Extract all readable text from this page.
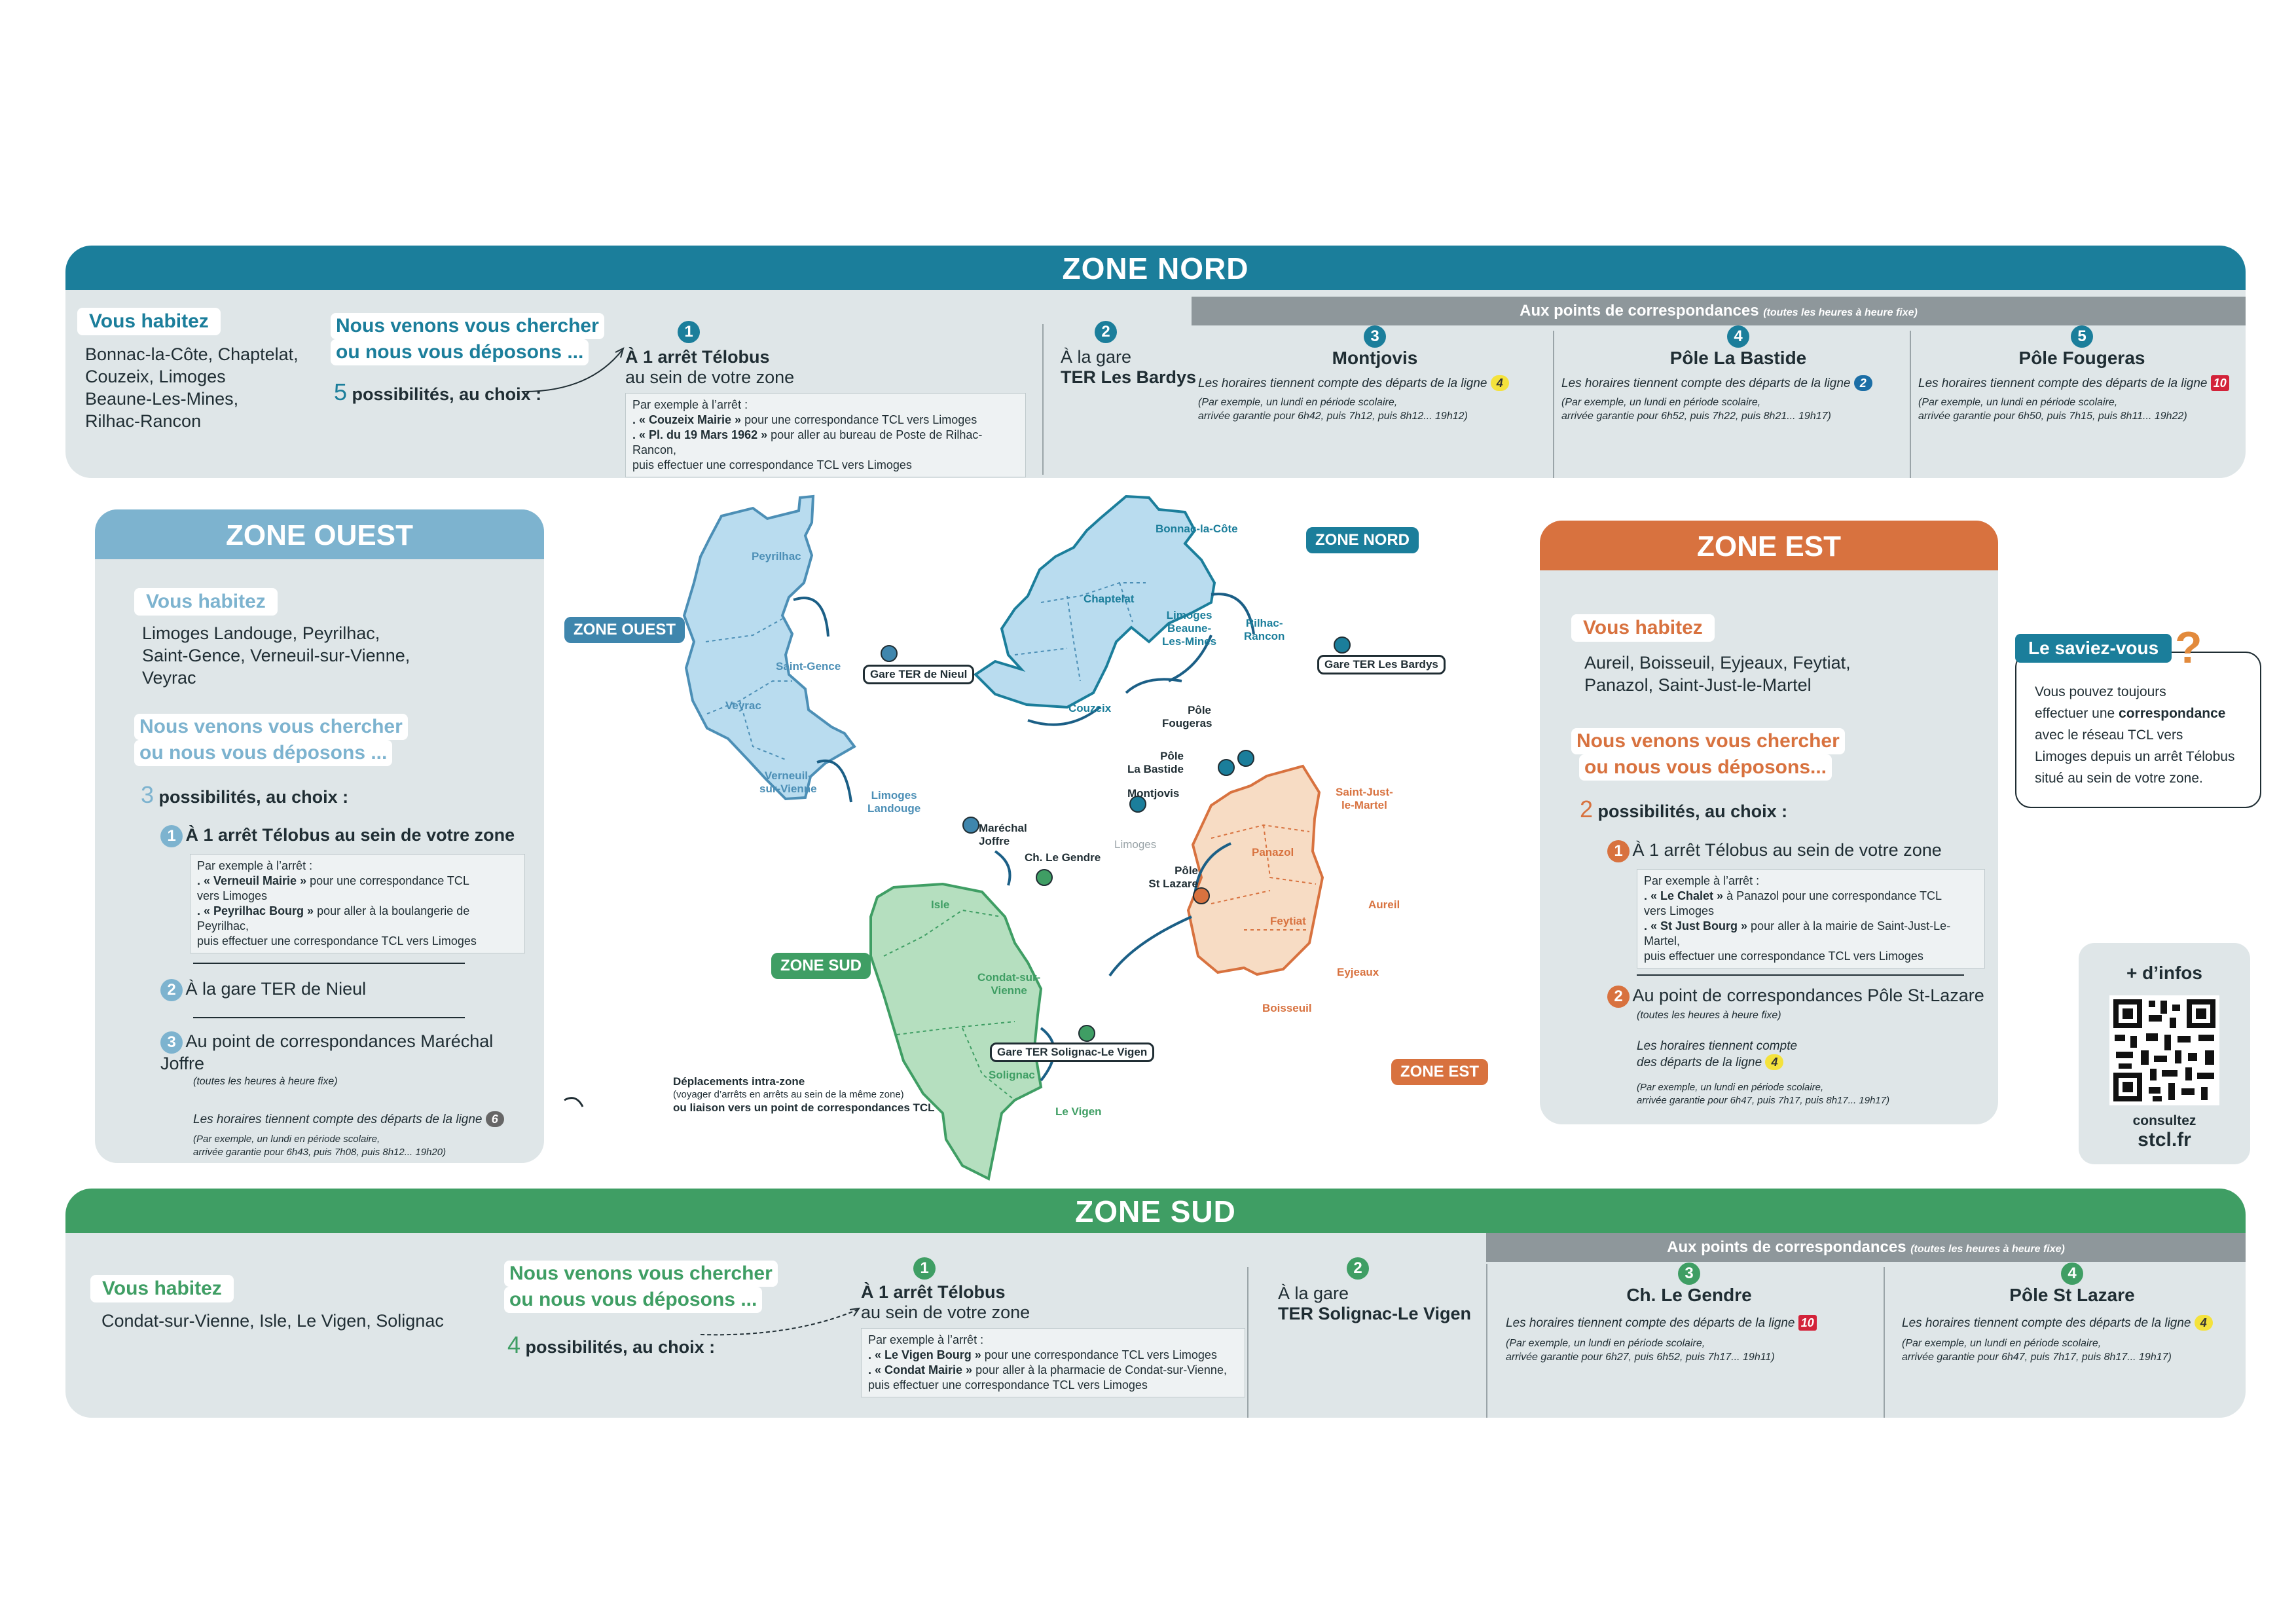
ZONE NORD
Vous habitez
Bonnac-la-Côte, Chaptelat,
Couzeix, Limoges
Beaune-Les-Mines,
Rilhac-Rancon
Nous venons vous chercher
ou nous vous déposons ...
5 possibilités, au choix :
1
À 1 arrêt Télobus
au sein de votre zone
Par exemple à l’arrêt :
. « Couzeix Mairie » pour une correspondance TCL vers Limoges
. « Pl. du 19 Mars 1962 » pour aller au bureau de Poste de Rilhac-Rancon,
puis effectuer une correspondance TCL vers Limoges
2
À la gare
TER Les Bardys
Aux points de correspondances (toutes les heures à heure fixe)
3
Montjovis
Les horaires tiennent compte des départs de la ligne 4
(Par exemple, un lundi en période scolaire,
arrivée garantie pour 6h42, puis 7h12, puis 8h12... 19h12)
4
Pôle La Bastide
Les horaires tiennent compte des départs de la ligne 2
(Par exemple, un lundi en période scolaire,
arrivée garantie pour 6h52, puis 7h22, puis 8h21... 19h17)
5
Pôle Fougeras
Les horaires tiennent compte des départs de la ligne 10
(Par exemple, un lundi en période scolaire,
arrivée garantie pour 6h50, puis 7h15, puis 8h11... 19h22)
ZONE OUEST
Vous habitez
Limoges Landouge, Peyrilhac,
Saint-Gence, Verneuil-sur-Vienne,
Veyrac
Nous venons vous chercher
ou nous vous déposons ...
3 possibilités, au choix :
1 À 1 arrêt Télobus au sein de votre zone
Par exemple à l’arrêt :
. « Verneuil Mairie » pour une correspondance TCL
vers Limoges
. « Peyrilhac Bourg » pour aller à la boulangerie de Peyrilhac,
puis effectuer une correspondance TCL vers Limoges
2 À la gare TER de Nieul
3 Au point de correspondances Maréchal Joffre
(toutes les heures à heure fixe)
Les horaires tiennent compte des départs de la ligne 6
(Par exemple, un lundi en période scolaire,
arrivée garantie pour 6h43, puis 7h08, puis 8h12... 19h20)
ZONE EST
Vous habitez
Aureil, Boisseuil, Eyjeaux, Feytiat,
Panazol, Saint-Just-le-Martel
Nous venons vous chercher
ou nous vous déposons...
2 possibilités, au choix :
1 À 1 arrêt Télobus au sein de votre zone
Par exemple à l’arrêt :
. « Le Chalet » à Panazol pour une correspondance TCL
vers Limoges
. « St Just Bourg » pour aller à la mairie de Saint-Just-Le-Martel,
puis effectuer une correspondance TCL vers Limoges
2 Au point de correspondances Pôle St-Lazare
(toutes les heures à heure fixe)
Les horaires tiennent compte
des départs de la ligne 4
(Par exemple, un lundi en période scolaire,
arrivée garantie pour 6h47, puis 7h17, puis 8h17... 19h17)
Le saviez-vous ?
Vous pouvez toujours
effectuer une correspondance
avec le réseau TCL vers
Limoges depuis un arrêt Télobus
situé au sein de votre zone.
+ d’infos
consultez
stcl.fr
ZONE OUEST
ZONE NORD
ZONE SUD
ZONE EST
Peyrilhac
Saint-Gence
Veyrac
Verneuil-
sur-Vienne
Limoges
Landouge
Bonnac-la-Côte
Chaptelat
Limoges
Beaune-
Les-Mines
Rilhac-
Rancon
Couzeix
Saint-Just-
le-Martel
Panazol
Aureil
Feytiat
Eyjeaux
Boisseuil
Isle
Condat-sur-
Vienne
Solignac
Le Vigen
Limoges
Gare TER de Nieul
Gare TER Les Bardys
Gare TER Solignac-Le Vigen
Maréchal
Joffre
Pôle
Fougeras
Pôle
La Bastide
Montjovis
Ch. Le Gendre
Pôle
St Lazare
Déplacements intra-zone
(voyager d’arrêts en arrêts au sein de la même zone)
ou liaison vers un point de correspondances TCL
ZONE SUD
Vous habitez
Condat-sur-Vienne, Isle, Le Vigen, Solignac
Nous venons vous chercher
ou nous vous déposons ...
4 possibilités, au choix :
1
À 1 arrêt Télobus
au sein de votre zone
Par exemple à l’arrêt :
. « Le Vigen Bourg » pour une correspondance TCL vers Limoges
. « Condat Mairie » pour aller à la pharmacie de Condat-sur-Vienne,
puis effectuer une correspondance TCL vers Limoges
2
À la gare
TER Solignac-Le Vigen
Aux points de correspondances (toutes les heures à heure fixe)
3
Ch. Le Gendre
Les horaires tiennent compte des départs de la ligne 10
(Par exemple, un lundi en période scolaire,
arrivée garantie pour 6h27, puis 6h52, puis 7h17... 19h11)
4
Pôle St Lazare
Les horaires tiennent compte des départs de la ligne 4
(Par exemple, un lundi en période scolaire,
arrivée garantie pour 6h47, puis 7h17, puis 8h17... 19h17)
